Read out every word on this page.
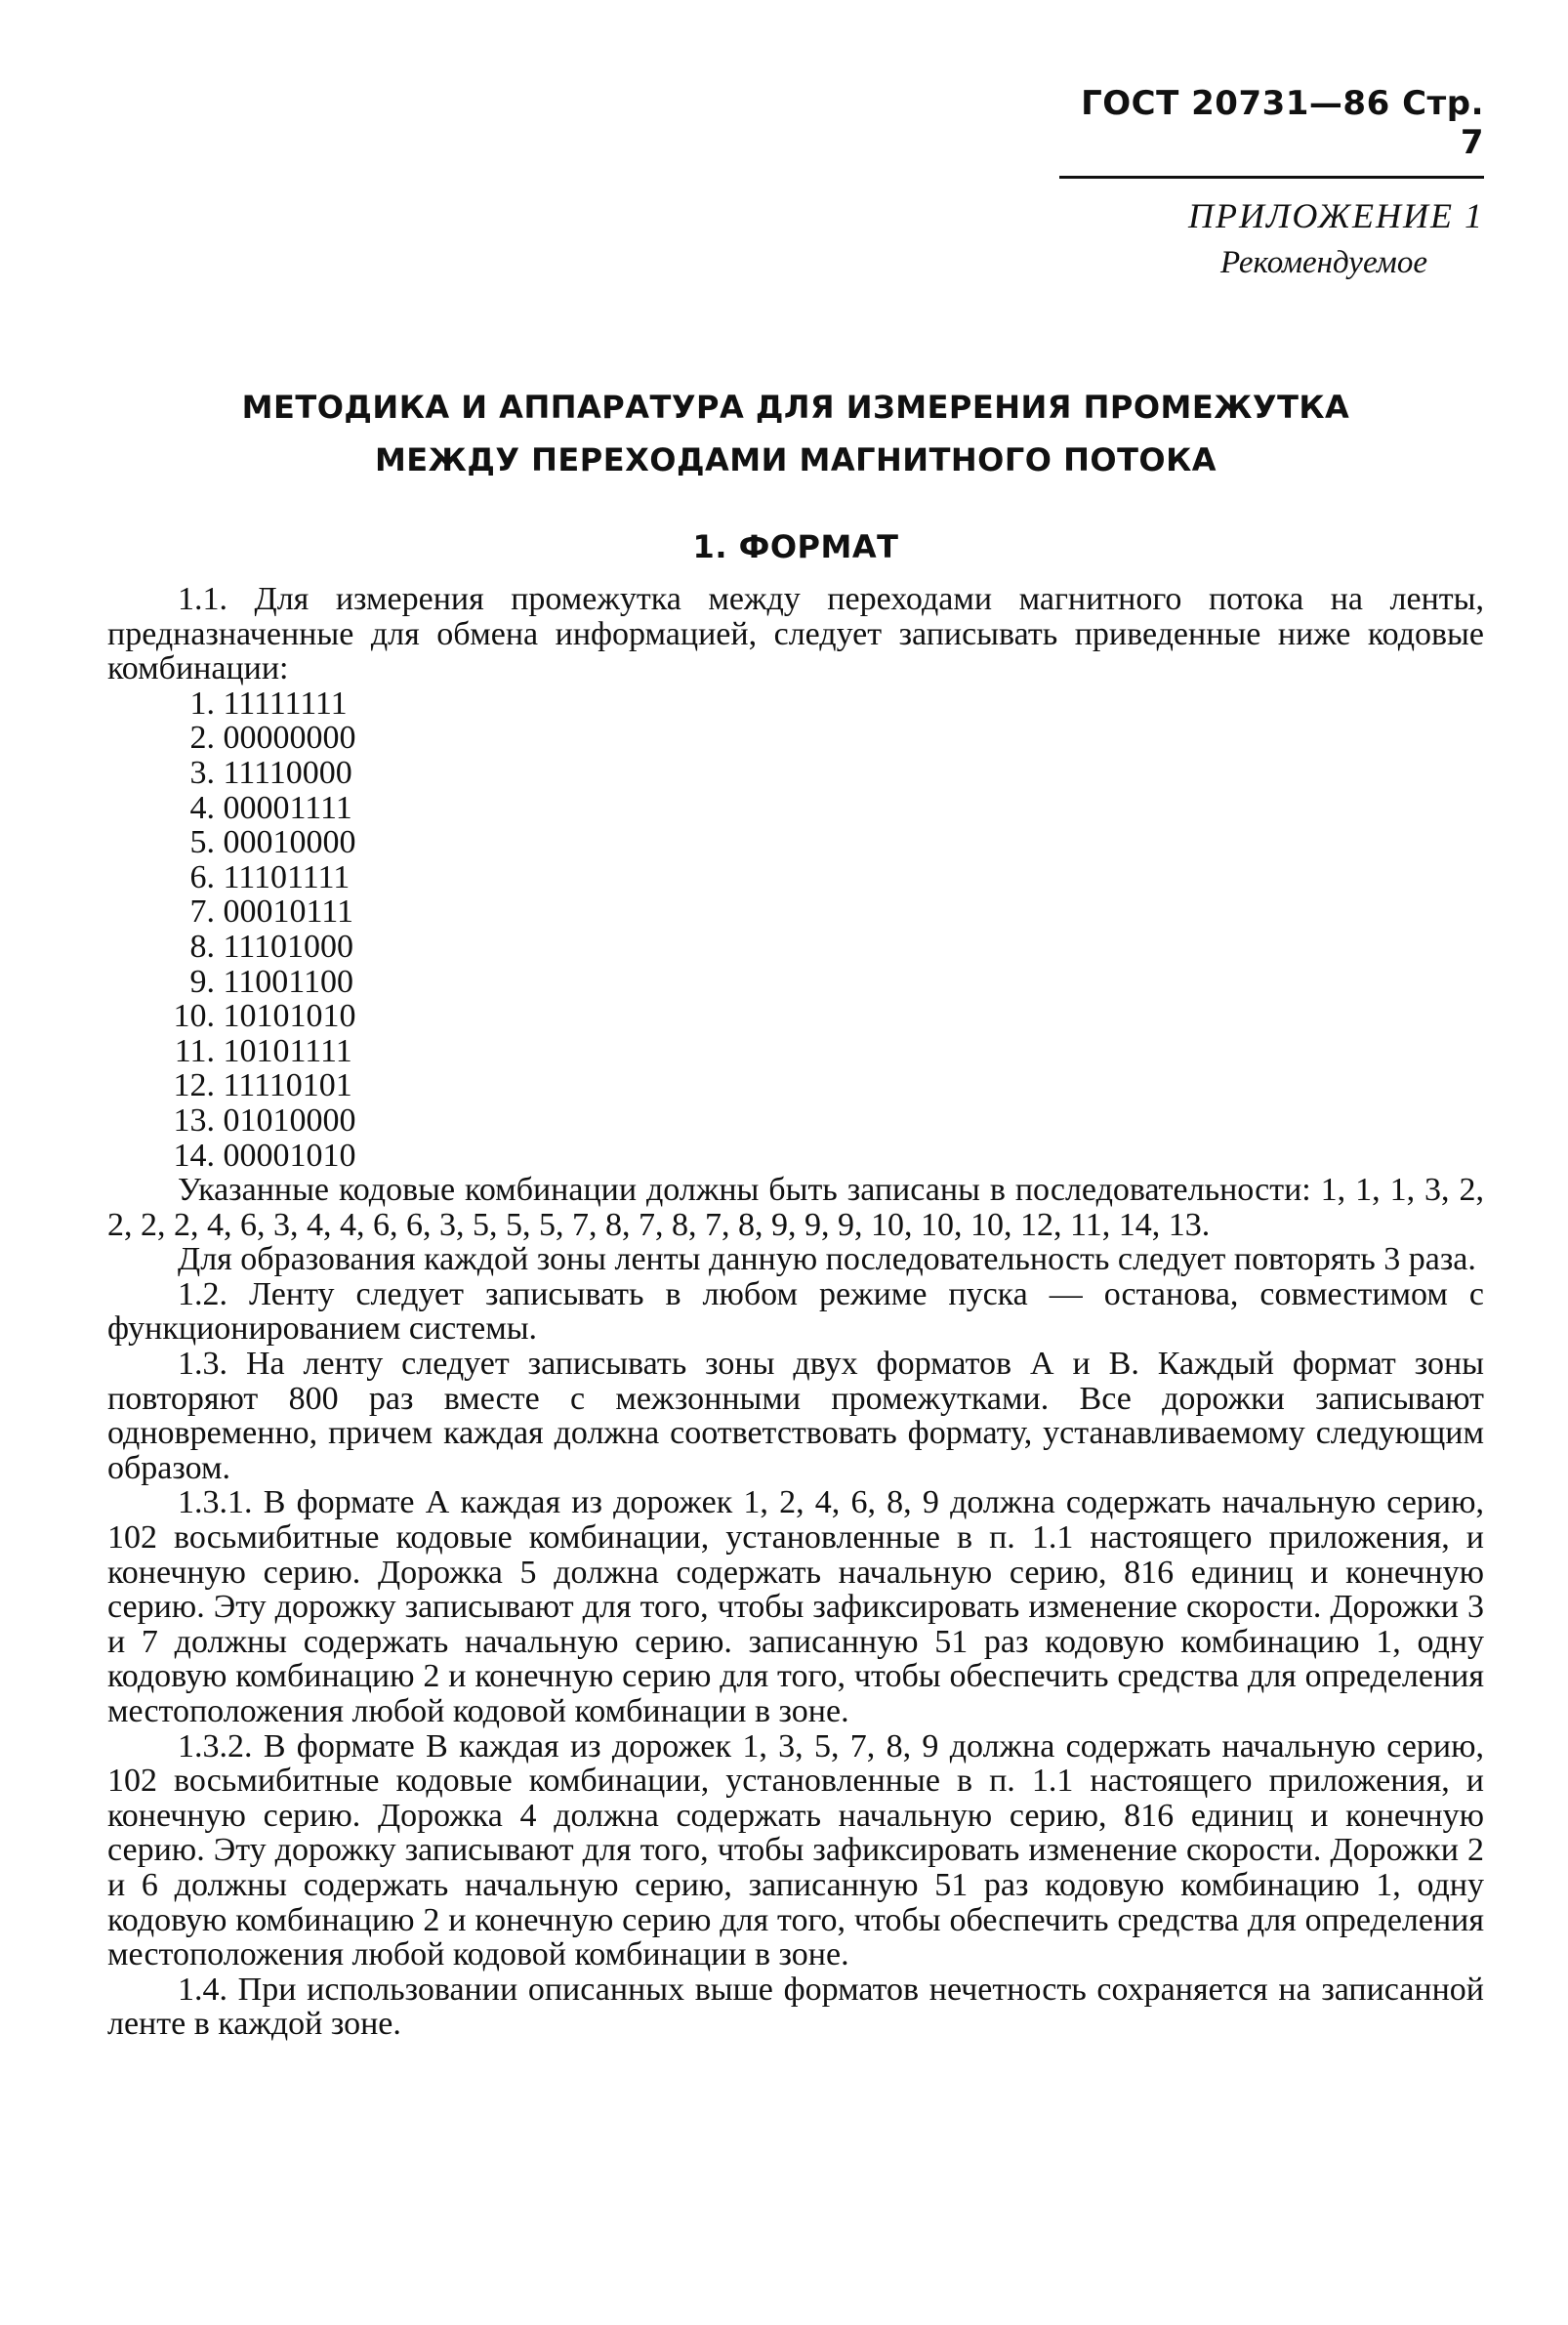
ГОСТ 20731—86 Стр. 7
ПРИЛОЖЕНИЕ 1
Рекомендуемое
МЕТОДИКА И АППАРАТУРА ДЛЯ ИЗМЕРЕНИЯ ПРОМЕЖУТКА
МЕЖДУ ПЕРЕХОДАМИ МАГНИТНОГО ПОТОКА
1. ФОРМАТ

1.1. Для измерения промежутка между переходами магнитного потока на ленты, предназначенные для обмена информацией, следует записывать приведенные ниже кодовые комбинации:

1. 11111111
2. 00000000
3. 11110000
4. 00001111
5. 00010000
6. 11101111
7. 00010111
8. 11101000
9. 11001100
10. 10101010
11. 10101111
12. 11110101
13. 01010000
14. 00001010

Указанные кодовые комбинации должны быть записаны в последовательности: 1, 1, 1, 3, 2, 2, 2, 2, 4, 6, 3, 4, 4, 6, 6, 3, 5, 5, 5, 7, 8, 7, 8, 7, 8, 9, 9, 9, 10, 10, 10, 12, 11, 14, 13.

Для образования каждой зоны ленты данную последовательность следует повторять 3 раза.

1.2. Ленту следует записывать в любом режиме пуска — останова, совместимом с функционированием системы.

1.3. На ленту следует записывать зоны двух форматов А и В. Каждый формат зоны повторяют 800 раз вместе с межзонными промежутками. Все дорожки записывают одновременно, причем каждая должна соответствовать формату, устанавливаемому следующим образом.

1.3.1. В формате А каждая из дорожек 1, 2, 4, 6, 8, 9 должна содержать начальную серию, 102 восьмибитные кодовые комбинации, установленные в п. 1.1 настоящего приложения, и конечную серию. Дорожка 5 должна содержать начальную серию, 816 единиц и конечную серию. Эту дорожку записывают для того, чтобы зафиксировать изменение скорости. Дорожки 3 и 7 должны содержать начальную серию. записанную 51 раз кодовую комбинацию 1, одну кодовую комбинацию 2 и конечную серию для того, чтобы обеспечить средства для определения местоположения любой кодовой комбинации в зоне.

1.3.2. В формате В каждая из дорожек 1, 3, 5, 7, 8, 9 должна содержать начальную серию, 102 восьмибитные кодовые комбинации, установленные в п. 1.1 настоящего приложения, и конечную серию. Дорожка 4 должна содержать начальную серию, 816 единиц и конечную серию. Эту дорожку записывают для того, чтобы зафиксировать изменение скорости. Дорожки 2 и 6 должны содержать начальную серию, записанную 51 раз кодовую комбинацию 1, одну кодовую комбинацию 2 и конечную серию для того, чтобы обеспечить средства для определения местоположения любой кодовой комбинации в зоне.

1.4. При использовании описанных выше форматов нечетность сохраняется на записанной ленте в каждой зоне.
